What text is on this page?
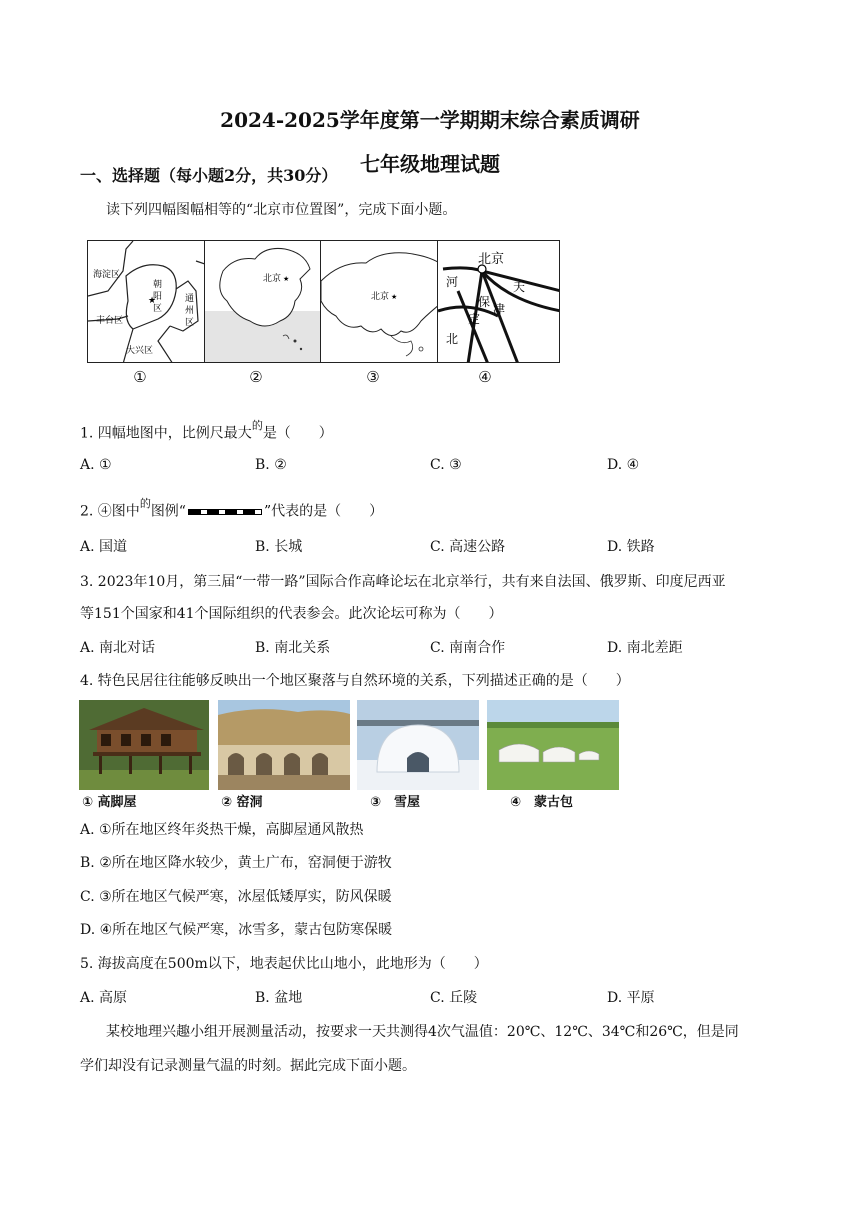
2024-2025学年度第一学期期末综合素质调研
七年级地理试题
一、选择题（每小题2分，共30分）
读下列四幅图幅相等的“北京市位置图”，完成下面小题。
★
海淀区
朝
阳
区
通
州
区
丰台区
大兴区
①
北京 ★
②
北京 ★
③
北京
河	天
保
定
津
北
④
1. 四幅地图中，比例尺最大$^的$是（　　）
A. ①	B. ②	C. ③	D. ④
2. ④图中$^的$图例“	”代表的是（　　）
A. 国道	B. 长城	C. 高速公路	D. 铁路
3. 2023年10月，第三届“一带一路”国际合作高峰论坛在北京举行，共有来自法国、俄罗斯、印度尼西亚
等151个国家和41个国际组织的代表参会。此次论坛可称为（　　）
A. 南北对话	B. 南北关系	C. 南南合作	D. 南北差距
4. 特色民居往往能够反映出一个地区聚落与自然环境的关系，下列描述正确的是（　　）
① 高脚屋	② 窑洞	③　雪屋	④　蒙古包
A. ①所在地区终年炎热干燥，高脚屋通风散热
B. ②所在地区降水较少，黄土广布，窑洞便于游牧
C. ③所在地区气候严寒，冰屋低矮厚实，防风保暖
D. ④所在地区气候严寒，冰雪多，蒙古包防寒保暖
5. 海拔高度在500m以下，地表起伏比山地小，此地形为（　　）
A. 高原	B. 盆地	C. 丘陵	D. 平原
某校地理兴趣小组开展测量活动，按要求一天共测得4次气温值：20℃、12℃、34℃和26℃，但是同
学们却没有记录测量气温的时刻。据此完成下面小题。
